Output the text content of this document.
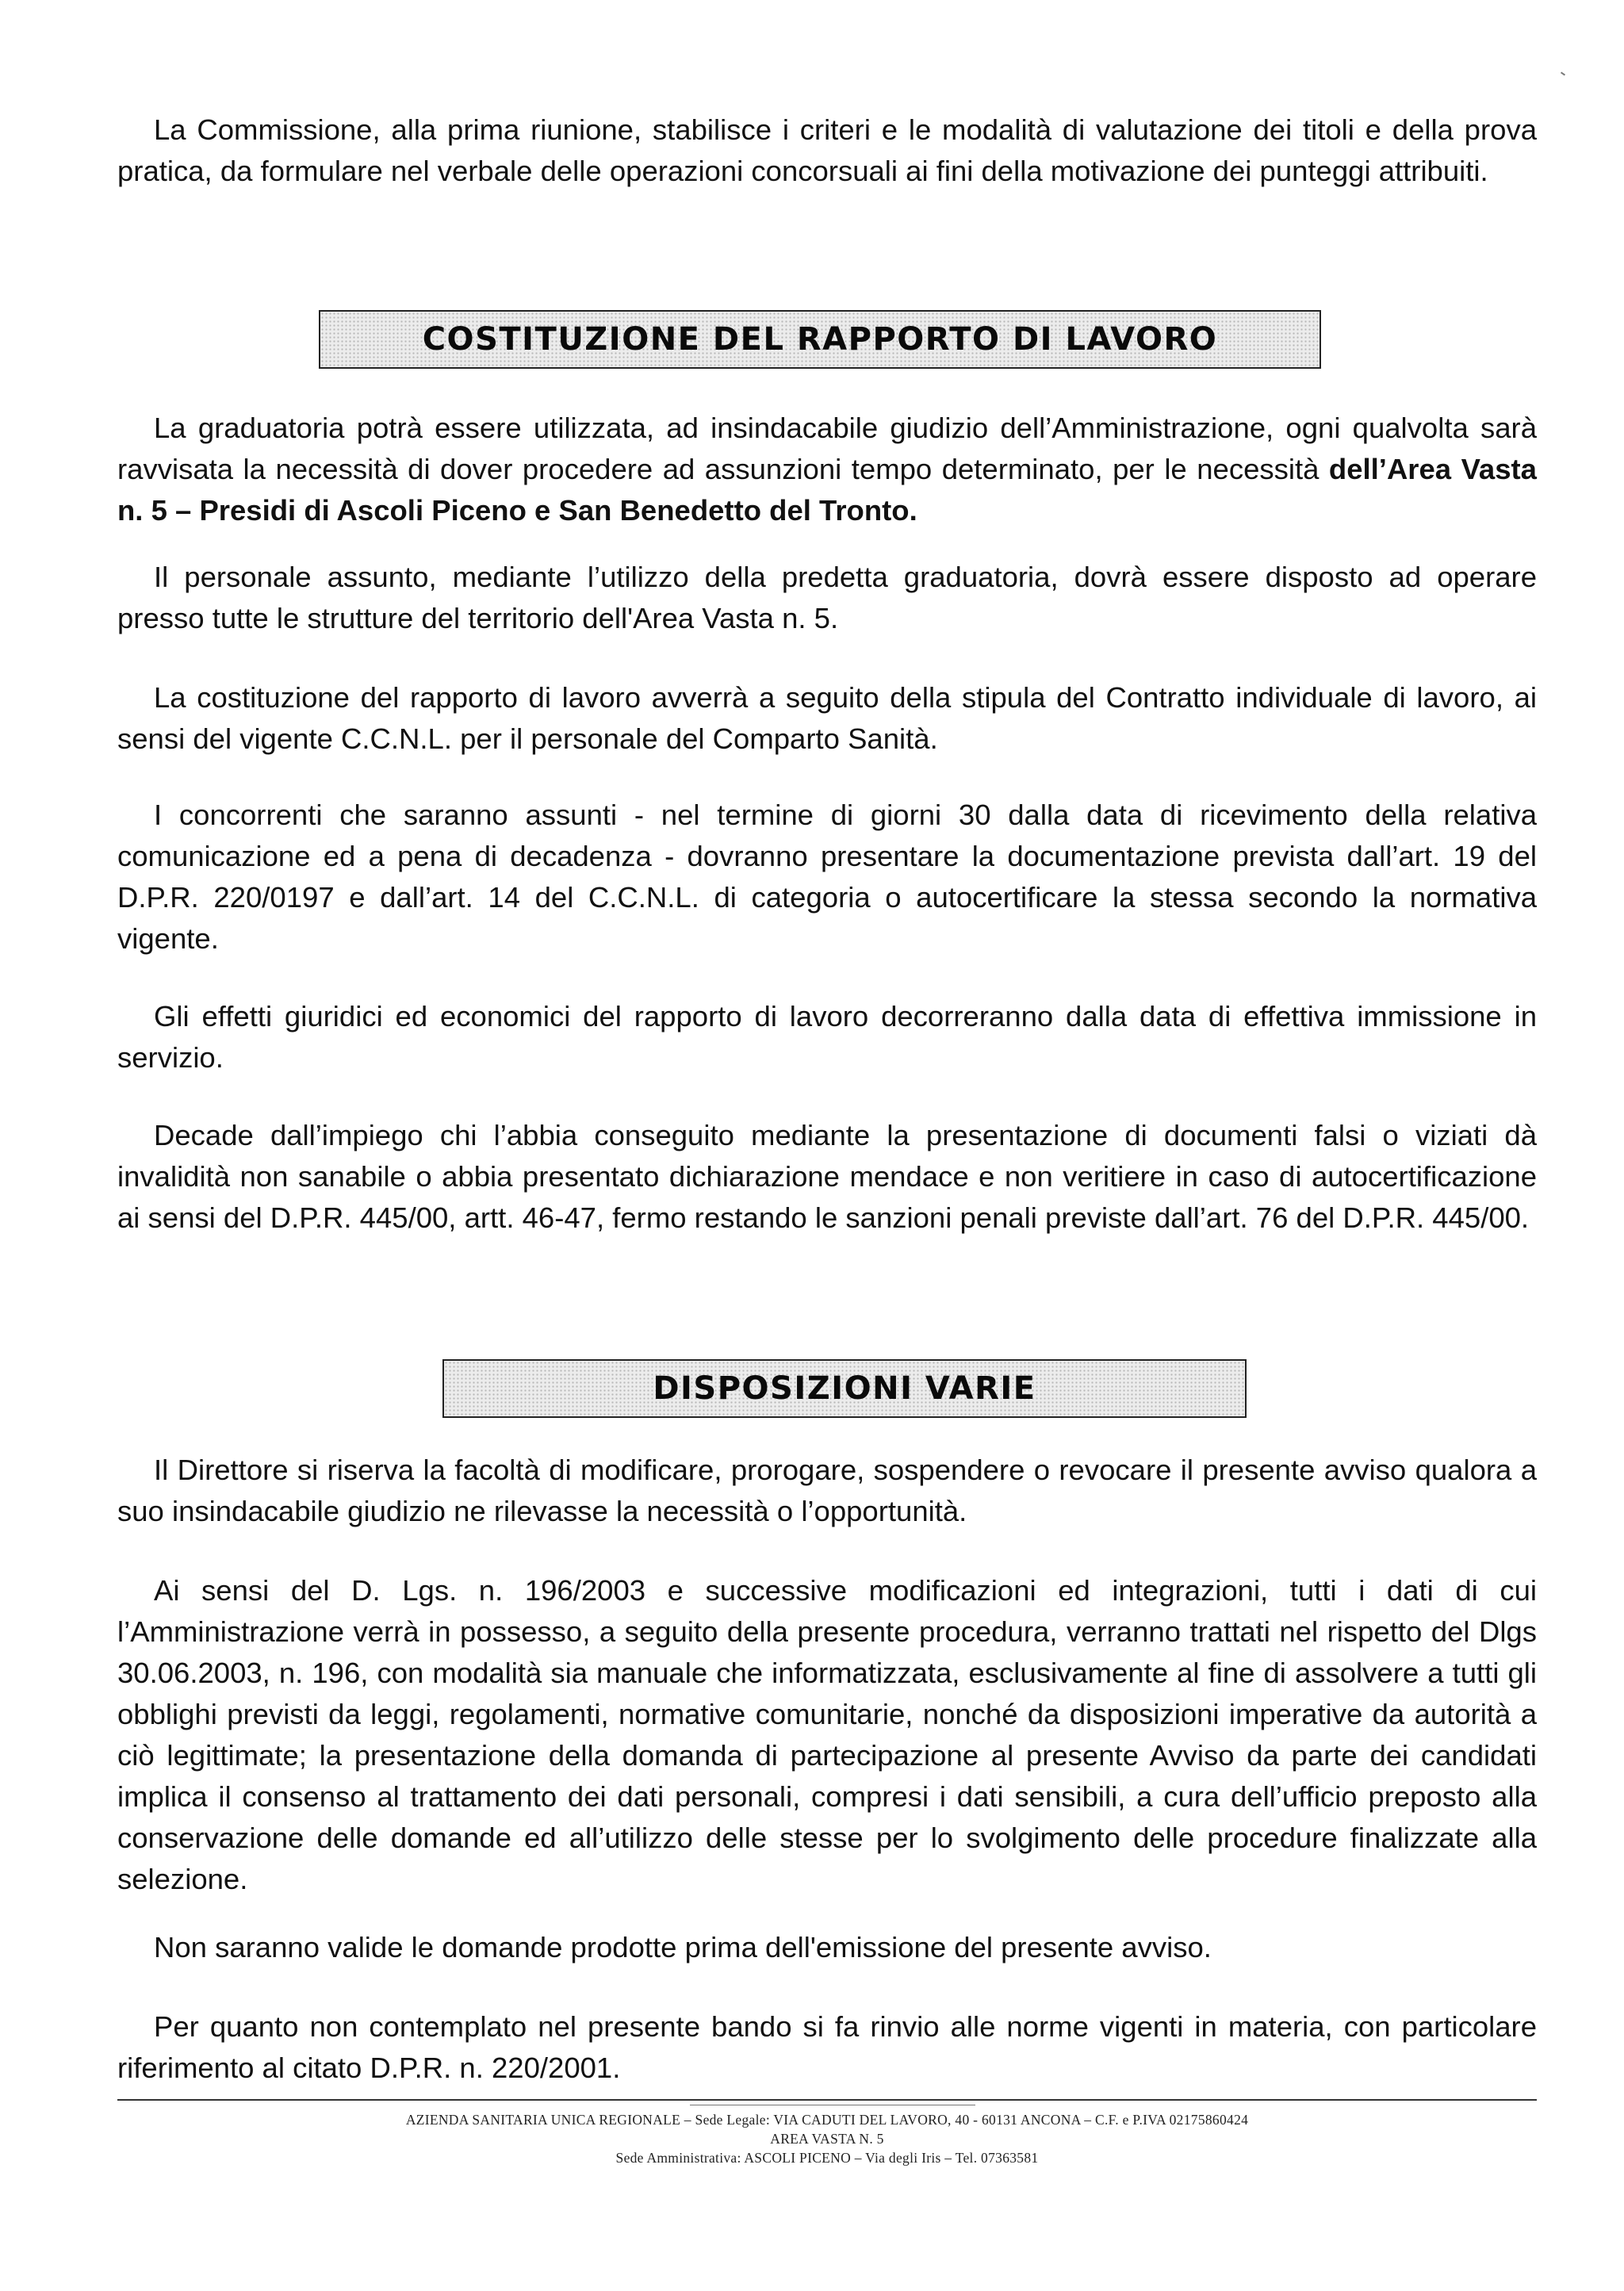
La Commissione, alla prima riunione, stabilisce i criteri e le modalità di valutazione dei titoli e della prova pratica, da formulare nel verbale delle operazioni concorsuali ai fini della motivazione dei punteggi attribuiti.

COSTITUZIONE DEL RAPPORTO DI LAVORO

La graduatoria potrà essere utilizzata, ad insindacabile giudizio dell’Amministrazione, ogni qualvolta sarà ravvisata la necessità di dover procedere ad assunzioni tempo determinato, per le necessità dell’Area Vasta n. 5 – Presidi di Ascoli Piceno e San Benedetto del Tronto.

Il personale assunto, mediante l’utilizzo della predetta graduatoria, dovrà essere disposto ad operare presso tutte le strutture del territorio dell'Area Vasta n. 5.

La costituzione del rapporto di lavoro avverrà a seguito della stipula del Contratto individuale di lavoro, ai sensi del vigente C.C.N.L. per il personale del Comparto Sanità.

I concorrenti che saranno assunti - nel termine di giorni 30 dalla data di ricevimento della relativa comunicazione ed a pena di decadenza - dovranno presentare la documentazione prevista dall’art. 19 del D.P.R. 220/0197 e dall’art. 14 del C.C.N.L. di categoria o autocertificare la stessa secondo la normativa vigente.

Gli effetti giuridici ed economici del rapporto di lavoro decorreranno dalla data di effettiva immissione in servizio.

Decade dall’impiego chi l’abbia conseguito mediante la presentazione di documenti falsi o viziati dà invalidità non sanabile o abbia presentato dichiarazione mendace e non veritiere in caso di autocertificazione ai sensi del D.P.R. 445/00, artt. 46-47, fermo restando le sanzioni penali previste dall’art. 76 del D.P.R. 445/00.

DISPOSIZIONI VARIE

Il Direttore si riserva la facoltà di modificare, prorogare, sospendere o revocare il presente avviso qualora a suo insindacabile giudizio ne rilevasse la necessità o l’opportunità.

Ai sensi del D. Lgs. n. 196/2003 e successive modificazioni ed integrazioni, tutti i dati di cui l’Amministrazione verrà in possesso, a seguito della presente procedura, verranno trattati nel rispetto del Dlgs 30.06.2003, n. 196, con modalità sia manuale che informatizzata, esclusivamente al fine di assolvere a tutti gli obblighi previsti da leggi, regolamenti, normative comunitarie, nonché da disposizioni imperative da autorità a ciò legittimate; la presentazione della domanda di partecipazione al presente Avviso da parte dei candidati implica il consenso al trattamento dei dati personali, compresi i dati sensibili, a cura dell’ufficio preposto alla conservazione delle domande ed all’utilizzo delle stesse per lo svolgimento delle procedure finalizzate alla selezione.

Non saranno valide le domande prodotte prima dell'emissione del presente avviso.

Per quanto non contemplato nel presente bando si fa rinvio alle norme vigenti in materia, con particolare riferimento al citato D.P.R. n. 220/2001.

AZIENDA SANITARIA UNICA REGIONALE – Sede Legale: VIA CADUTI DEL LAVORO, 40 - 60131 ANCONA – C.F. e P.IVA 02175860424
AREA VASTA N. 5
Sede Amministrativa: ASCOLI PICENO – Via degli Iris – Tel. 07363581
